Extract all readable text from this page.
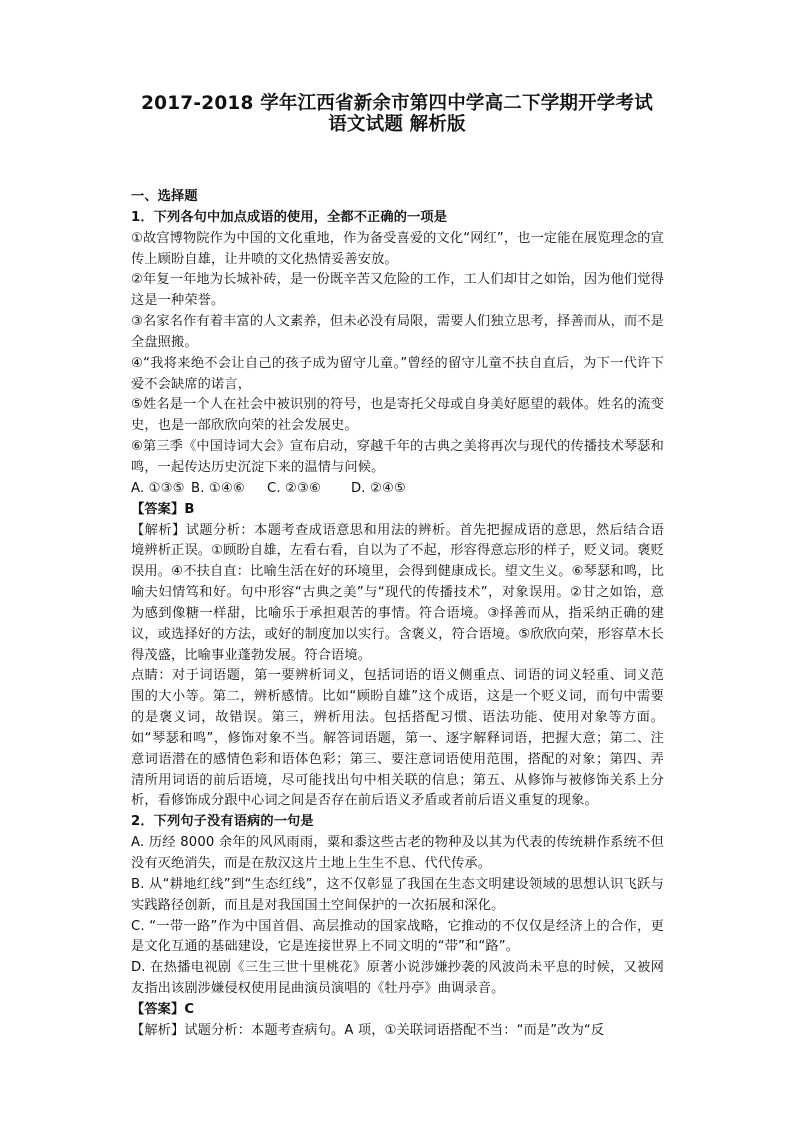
2017-2018 学年江西省新余市第四中学高二下学期开学考试
语文试题 解析版

一、选择题

1．下列各句中加点成语的使用，全都不正确的一项是

①故宫博物院作为中国的文化重地，作为备受喜爱的文化“网红”，也一定能在展览理念的宣传上顾盼自雄，让井喷的文化热情妥善安放。

②年复一年地为长城补砖，是一份既辛苦又危险的工作，工人们却甘之如饴，因为他们觉得这是一种荣誉。

③名家名作有着丰富的人文素养，但未必没有局限，需要人们独立思考，择善而从，而不是全盘照搬。

④“我将来绝不会让自己的孩子成为留守儿童。”曾经的留守儿童不扶自直后，为下一代许下爱不会缺席的诺言，

⑤姓名是一个人在社会中被识别的符号，也是寄托父母或自身美好愿望的载体。姓名的流变史，也是一部欣欣向荣的社会发展史。

⑥第三季《中国诗词大会》宣布启动，穿越千年的古典之美将再次与现代的传播技术琴瑟和鸣，一起传达历史沉淀下来的温情与问候。

A. ①③⑤ B. ①④⑥ C. ②③⑥ D. ②④⑤

【答案】B

【解析】试题分析：本题考查成语意思和用法的辨析。首先把握成语的意思，然后结合语境辨析正误。①顾盼自雄，左看右看，自以为了不起，形容得意忘形的样子，贬义词。褒贬误用。④不扶自直：比喻生活在好的环境里，会得到健康成长。望文生义。⑥琴瑟和鸣，比喻夫妇情笃和好。句中形容“古典之美”与“现代的传播技术”，对象误用。②甘之如饴，意为感到像糖一样甜，比喻乐于承担艰苦的事情。符合语境。③择善而从，指采纳正确的建议，或选择好的方法，或好的制度加以实行。含褒义，符合语境。⑤欣欣向荣，形容草木长得茂盛，比喻事业蓬勃发展。符合语境。

点睛：对于词语题，第一要辨析词义，包括词语的语义侧重点、词语的词义轻重、词义范围的大小等。第二，辨析感情。比如“顾盼自雄”这个成语，这是一个贬义词，而句中需要的是褒义词，故错误。第三，辨析用法。包括搭配习惯、语法功能、使用对象等方面。如“琴瑟和鸣”，修饰对象不当。解答词语题，第一、逐字解释词语，把握大意；第二、注意词语潜在的感情色彩和语体色彩；第三、要注意词语使用范围，搭配的对象；第四、弄清所用词语的前后语境，尽可能找出句中相关联的信息；第五、从修饰与被修饰关系上分析，看修饰成分跟中心词之间是否存在前后语义矛盾或者前后语义重复的现象。

2．下列句子没有语病的一句是

A. 历经 8000 余年的风风雨雨，粟和黍这些古老的物种及以其为代表的传统耕作系统不但没有灭绝消失，而是在敖汉这片土地上生生不息、代代传承。

B. 从“耕地红线”到“生态红线”，这不仅彰显了我国在生态文明建设领域的思想认识飞跃与实践路径创新，而且是对我国国土空间保护的一次拓展和深化。

C. “一带一路”作为中国首倡、高层推动的国家战略，它推动的不仅仅是经济上的合作，更是文化互通的基础建设，它是连接世界上不同文明的“带”和“路”。

D. 在热播电视剧《三生三世十里桃花》原著小说涉嫌抄袭的风波尚未平息的时候，又被网友指出该剧涉嫌侵权使用昆曲演员演唱的《牡丹亭》曲调录音。

【答案】C

【解析】试题分析：本题考查病句。A 项，①关联词语搭配不当：“而是”改为“反
